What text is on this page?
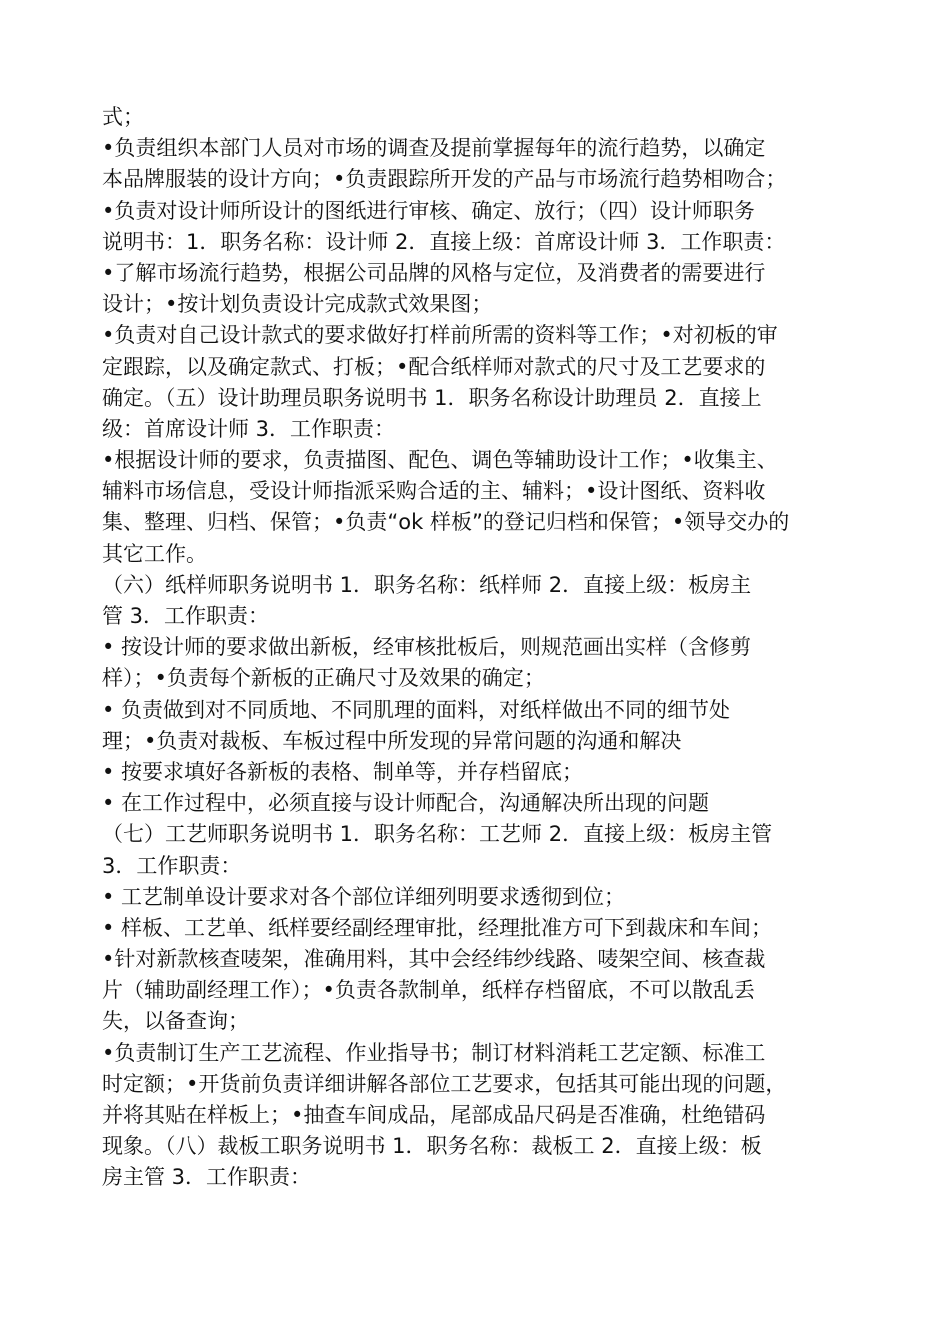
式；
•负责组织本部门人员对市场的调查及提前掌握每年的流行趋势，以确定
本品牌服装的设计方向；•负责跟踪所开发的产品与市场流行趋势相吻合；
•负责对设计师所设计的图纸进行审核、确定、放行；（四）设计师职务
说明书：1．职务名称：设计师 2．直接上级：首席设计师 3．工作职责：
•了解市场流行趋势，根据公司品牌的风格与定位，及消费者的需要进行
设计；•按计划负责设计完成款式效果图；
•负责对自己设计款式的要求做好打样前所需的资料等工作；•对初板的审
定跟踪，以及确定款式、打板；•配合纸样师对款式的尺寸及工艺要求的
确定。（五）设计助理员职务说明书 1．职务名称设计助理员 2．直接上
级：首席设计师 3．工作职责：
•根据设计师的要求，负责描图、配色、调色等辅助设计工作；•收集主、
辅料市场信息，受设计师指派采购合适的主、辅料；•设计图纸、资料收
集、整理、归档、保管；•负责“ok 样板”的登记归档和保管；•领导交办的
其它工作。
（六）纸样师职务说明书 1．职务名称：纸样师 2．直接上级：板房主
管 3．工作职责：
• 按设计师的要求做出新板，经审核批板后，则规范画出实样（含修剪
样）；•负责每个新板的正确尺寸及效果的确定；
• 负责做到对不同质地、不同肌理的面料，对纸样做出不同的细节处
理；•负责对裁板、车板过程中所发现的异常问题的沟通和解决
• 按要求填好各新板的表格、制单等，并存档留底；
• 在工作过程中，必须直接与设计师配合，沟通解决所出现的问题
（七）工艺师职务说明书 1．职务名称：工艺师 2．直接上级：板房主管
3．工作职责：
• 工艺制单设计要求对各个部位详细列明要求透彻到位；
• 样板、工艺单、纸样要经副经理审批，经理批准方可下到裁床和车间；
•针对新款核查唛架，准确用料，其中会经纬纱线路、唛架空间、核查裁
片（辅助副经理工作）；•负责各款制单，纸样存档留底，不可以散乱丢
失，以备查询；
•负责制订生产工艺流程、作业指导书；制订材料消耗工艺定额、标准工
时定额；•开货前负责详细讲解各部位工艺要求，包括其可能出现的问题，
并将其贴在样板上；•抽查车间成品，尾部成品尺码是否准确，杜绝错码
现象。（八）裁板工职务说明书 1．职务名称：裁板工 2．直接上级：板
房主管 3．工作职责：
